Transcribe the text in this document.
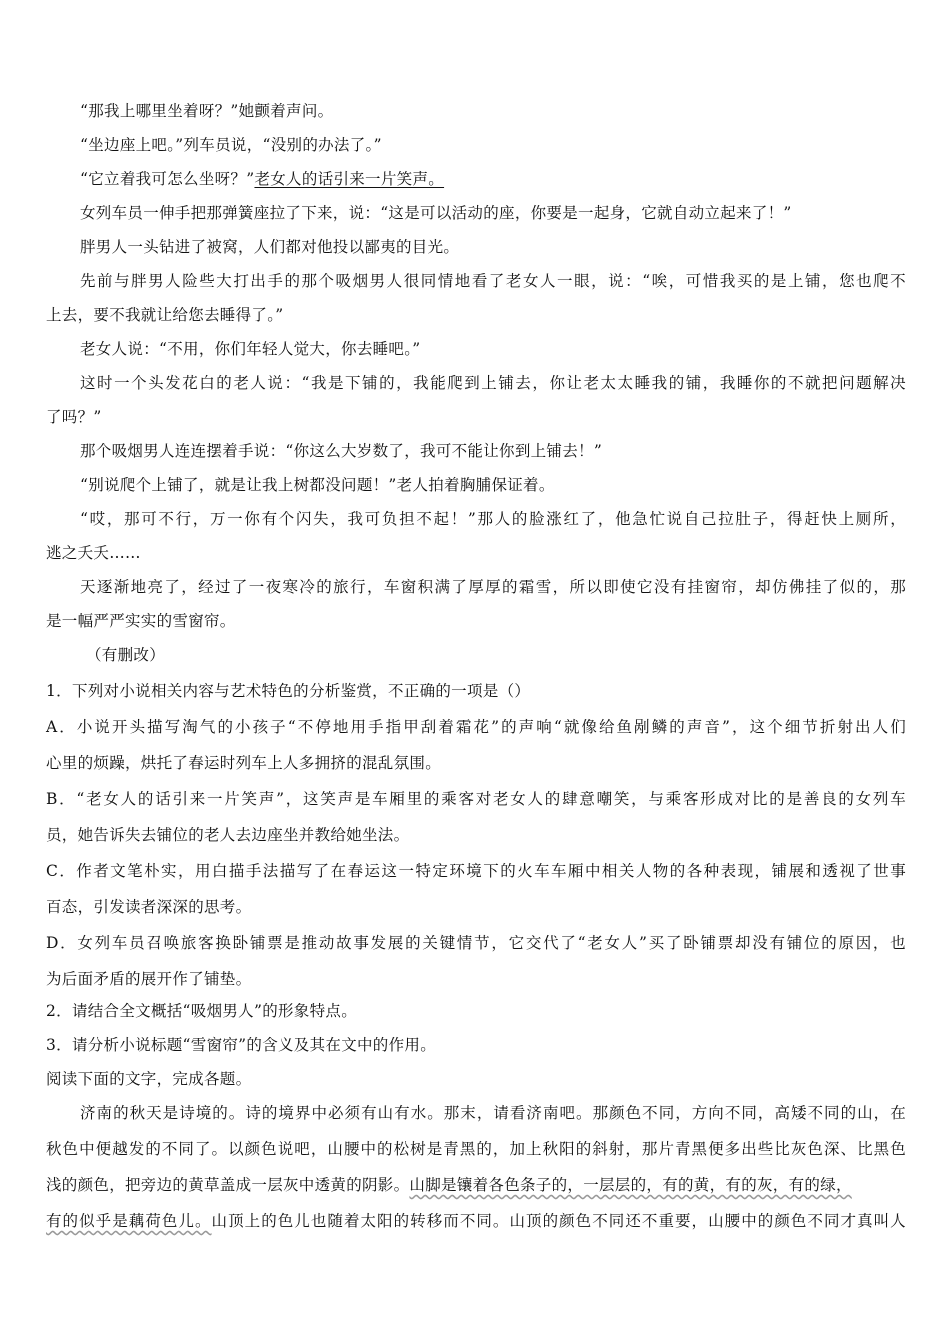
“那我上哪里坐着呀？”她颤着声问。
“坐边座上吧。”列车员说，“没别的办法了。”
“它立着我可怎么坐呀？”老女人的话引来一片笑声。
女列车员一伸手把那弹簧座拉了下来，说：“这是可以活动的座，你要是一起身，它就自动立起来了！”
胖男人一头钻进了被窝，人们都对他投以鄙夷的目光。
先前与胖男人险些大打出手的那个吸烟男人很同情地看了老女人一眼，说：“唉，可惜我买的是上铺，您也爬不
上去，要不我就让给您去睡得了。”
老女人说：“不用，你们年轻人觉大，你去睡吧。”
这时一个头发花白的老人说：“我是下铺的，我能爬到上铺去，你让老太太睡我的铺，我睡你的不就把问题解决
了吗？”
那个吸烟男人连连摆着手说：“你这么大岁数了，我可不能让你到上铺去！”
“别说爬个上铺了，就是让我上树都没问题！”老人拍着胸脯保证着。
“哎，那可不行，万一你有个闪失，我可负担不起！”那人的脸涨红了，他急忙说自己拉肚子，得赶快上厕所，
逃之夭夭……
天逐渐地亮了，经过了一夜寒冷的旅行，车窗积满了厚厚的霜雪，所以即使它没有挂窗帘，却仿佛挂了似的，那
是一幅严严实实的雪窗帘。
（有删改）
1．下列对小说相关内容与艺术特色的分析鉴赏，不正确的一项是（）
A．小说开头描写淘气的小孩子“不停地用手指甲刮着霜花”的声响“就像给鱼剐鳞的声音”，这个细节折射出人们
心里的烦躁，烘托了春运时列车上人多拥挤的混乱氛围。
B．“老女人的话引来一片笑声”，这笑声是车厢里的乘客对老女人的肆意嘲笑，与乘客形成对比的是善良的女列车
员，她告诉失去铺位的老人去边座坐并教给她坐法。
C．作者文笔朴实，用白描手法描写了在春运这一特定环境下的火车车厢中相关人物的各种表现，铺展和透视了世事
百态，引发读者深深的思考。
D．女列车员召唤旅客换卧铺票是推动故事发展的关键情节，它交代了“老女人”买了卧铺票却没有铺位的原因，也
为后面矛盾的展开作了铺垫。
2．请结合全文概括“吸烟男人”的形象特点。
3．请分析小说标题“雪窗帘”的含义及其在文中的作用。
阅读下面的文字，完成各题。
济南的秋天是诗境的。诗的境界中必须有山有水。那末，请看济南吧。那颜色不同，方向不同，高矮不同的山，在
秋色中便越发的不同了。以颜色说吧，山腰中的松树是青黑的，加上秋阳的斜射，那片青黑便多出些比灰色深、比黑色
浅的颜色，把旁边的黄草盖成一层灰中透黄的阴影。山脚是镶着各色条子的，一层层的，有的黄，有的灰，有的绿，
有的似乎是藕荷色儿。山顶上的色儿也随着太阳的转移而不同。山顶的颜色不同还不重要，山腰中的颜色不同才真叫人
